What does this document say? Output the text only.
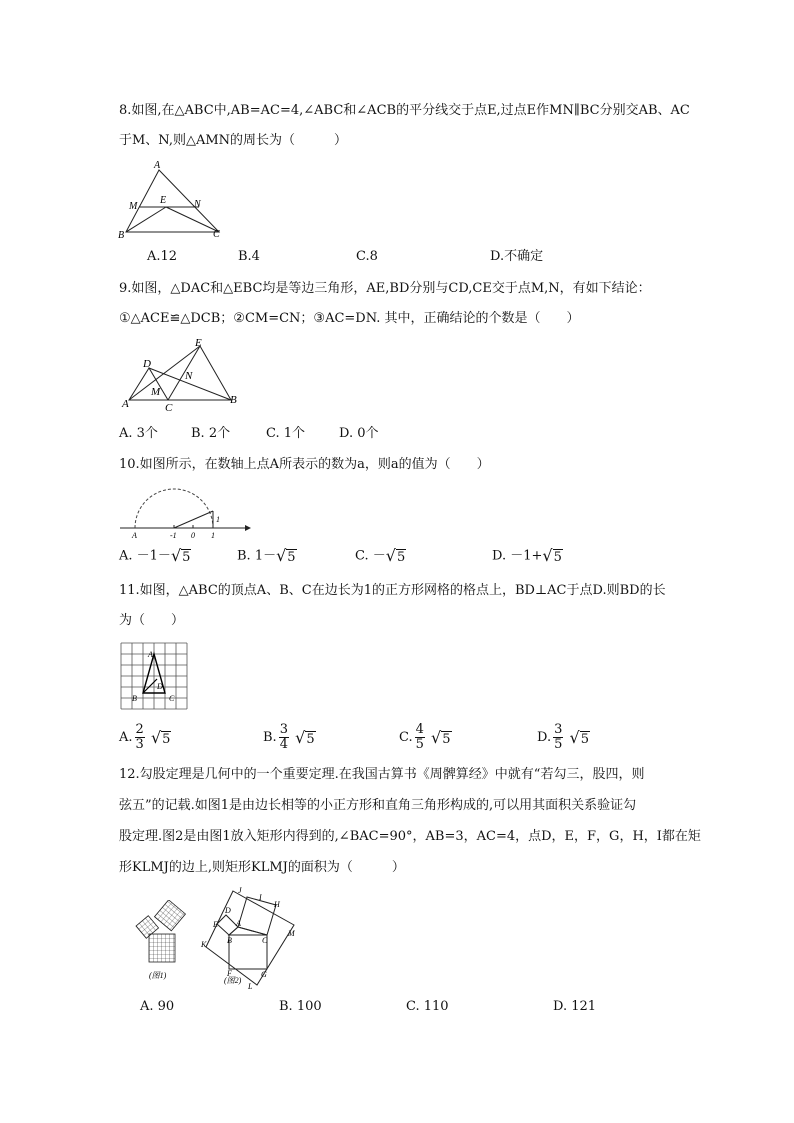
8.如图,在△ABC中,AB=AC=4,∠ABC和∠ACB的平分线交于点E,过点E作MN∥BC分别交AB、AC
于M、N,则△AMN的周长为（　　　）
A
M
E	N
B	C
A.12	B.4	C.8	D.不确定
9.如图，△DAC和△EBC均是等边三角形，AE,BD分别与CD,CE交于点M,N，有如下结论：
①△ACE≌△DCB；②CM=CN；③AC=DN. 其中，正确结论的个数是（　　）
D
E
M
N
A	C
B
A. 3个	B. 2个	C. 1个	D. 0个
10.如图所示，在数轴上点A所表示的数为a，则a的值为（　　）
A	-1 0 1
1
A. －1－√5	B. 1－√5	C. －√5	D. －1+√5
11.如图，△ABC的顶点A、B、C在边长为1的正方形网格的格点上，BD⊥AC于点D.则BD的长
为（　　）
A
D
B	C
A. $\frac{2}{3} √5$	B. $\frac{3}{4} √5$	C. $\frac{4}{5} √5$	D. $\frac{3}{5} √5$
12.勾股定理是几何中的一个重要定理.在我国古算书《周髀算经》中就有“若勾三，股四，则
弦五”的记载.如图1是由边长相等的小正方形和直角三角形构成的,可以用其面积关系验证勾
股定理.图2是由图1放入矩形内得到的,∠BAC=90°，AB=3，AC=4，点D，E，F，G，H，I都在矩
形KLMJ的边上,则矩形KLMJ的面积为（　　　）
(图1)
J
I
D
H
E A
M
K	B	C
F	G
L
(图2)
A. 90	B. 100	C. 110	D. 121
